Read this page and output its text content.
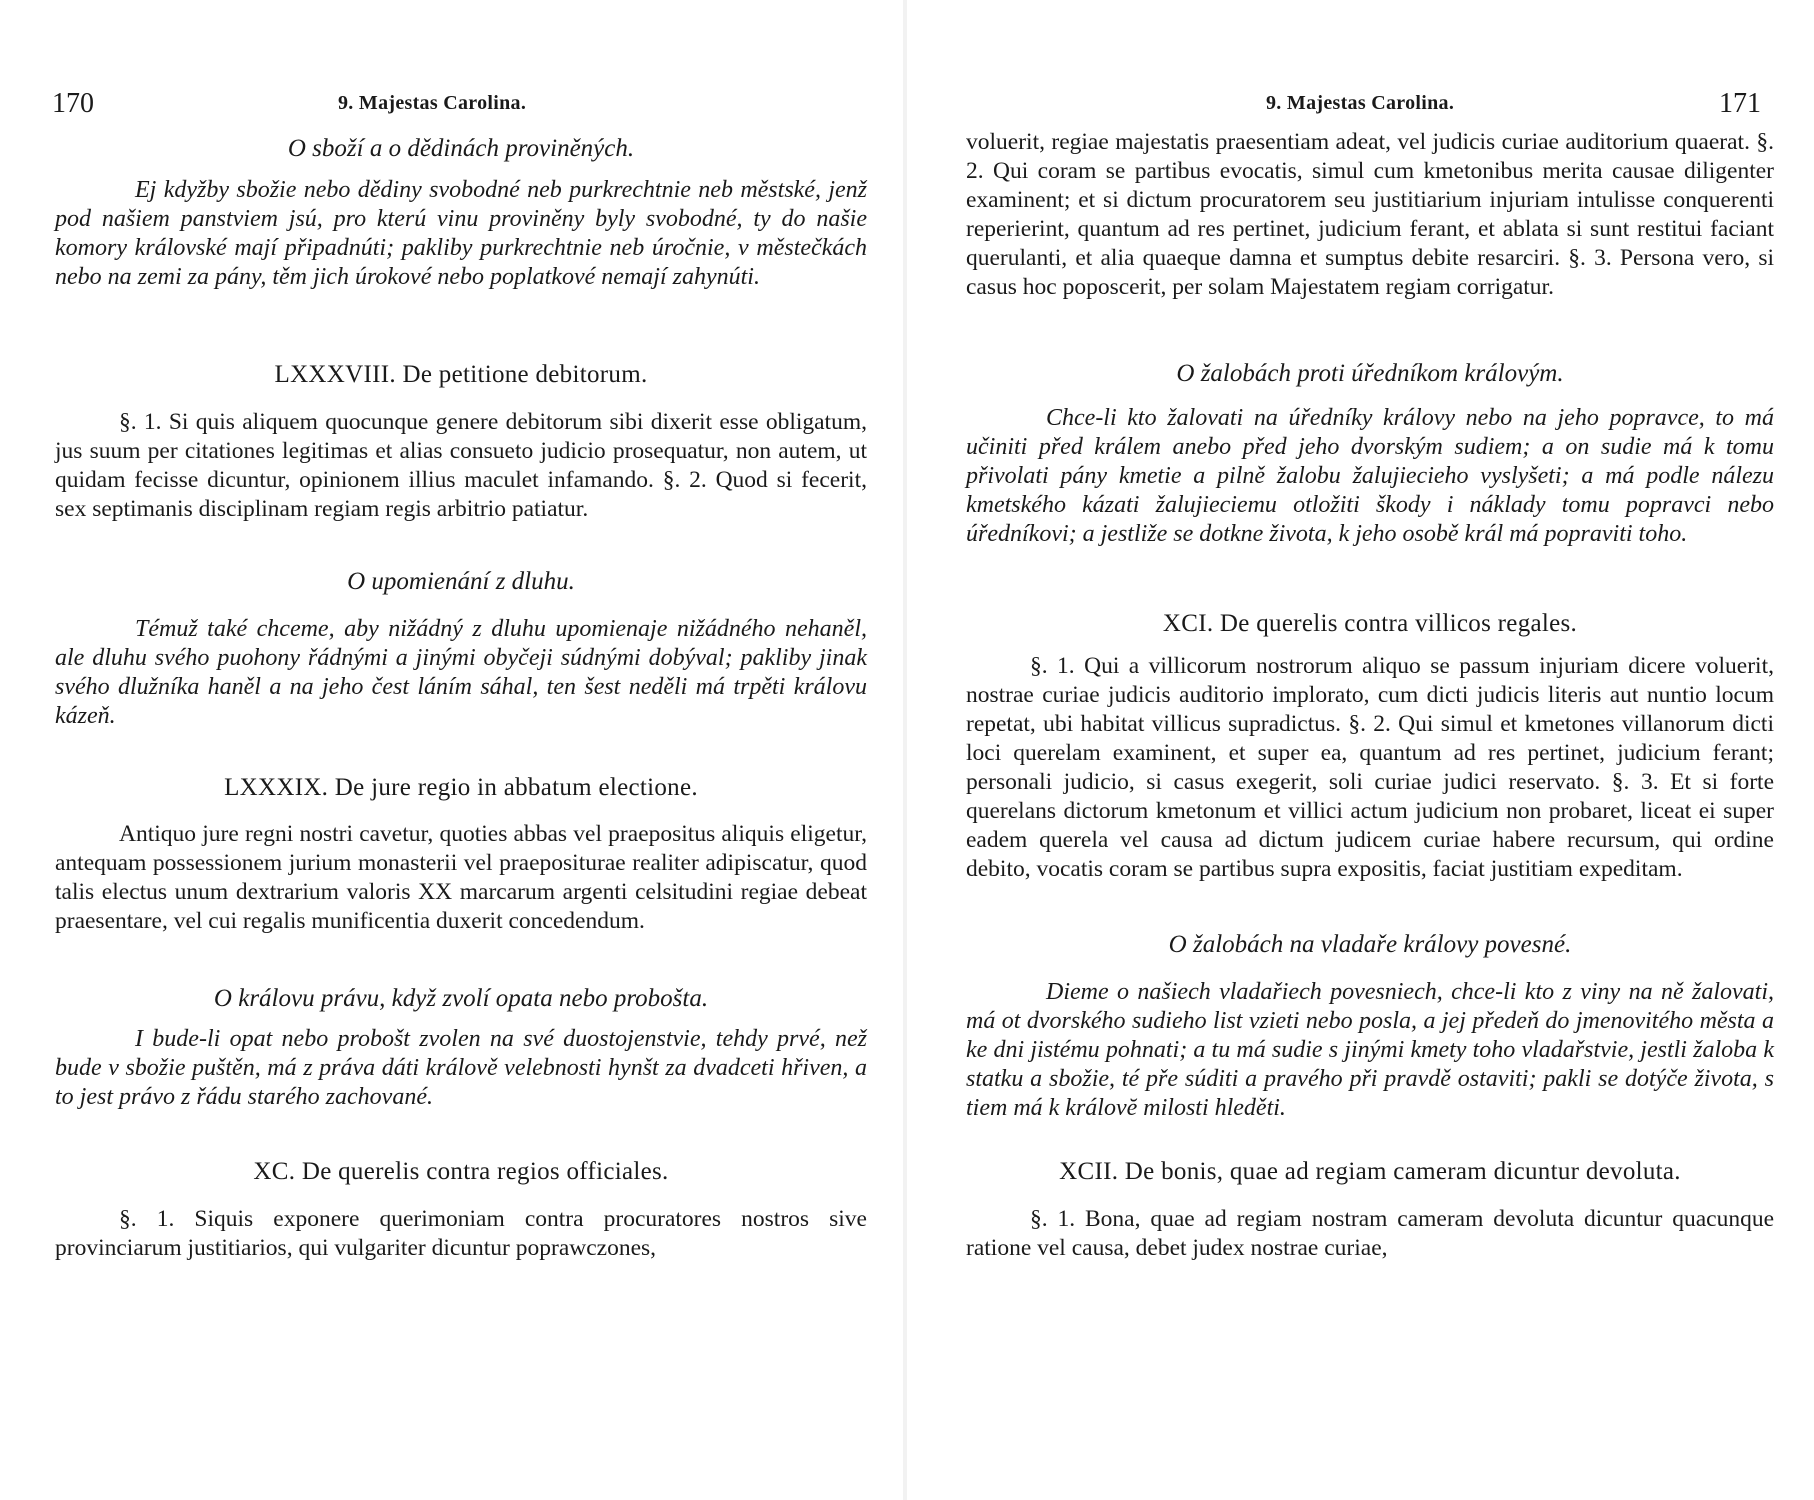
170	9. Majestas Carolina.
O sboží a o dědinách proviněných.

Ej kdyžby sbožie nebo dědiny svobodné neb purkrechtnie neb městské, jenž pod našiem panstviem jsú, pro kterú vinu proviněny byly svobodné, ty do našie komory královské mají připadnúti; pakliby purkrechtnie neb úročnie, v městečkách nebo na zemi za pány, těm jich úrokové nebo poplatkové nemají zahynúti.

LXXXVIII. De petitione debitorum.

§. 1. Si quis aliquem quocunque genere debitorum sibi dixerit esse obligatum, jus suum per citationes legitimas et alias consueto judicio prosequatur, non autem, ut quidam fecisse dicuntur, opinionem illius maculet infamando. §. 2. Quod si fecerit, sex septimanis disciplinam regiam regis arbitrio patiatur.

O upomienání z dluhu.

Témuž také chceme, aby nižádný z dluhu upomienaje nižádného nehaněl, ale dluhu svého puohony řádnými a jinými obyčeji súdnými dobýval; pakliby jinak svého dlužníka haněl a na jeho čest láním sáhal, ten šest neděli má trpěti královu kázeň.

LXXXIX. De jure regio in abbatum electione.

Antiquo jure regni nostri cavetur, quoties abbas vel praepositus aliquis eligetur, antequam possessionem jurium monasterii vel praepositurae realiter adipiscatur, quod talis electus unum dextrarium valoris XX marcarum argenti celsitudini regiae debeat praesentare, vel cui regalis munificentia duxerit concedendum.

O královu právu, když zvolí opata nebo probošta.

I bude-li opat nebo probošt zvolen na své duostojenstvie, tehdy prvé, než bude v sbožie puštěn, má z práva dáti králově velebnosti hynšt za dvadceti hřiven, a to jest právo z řádu starého zachované.

XC. De querelis contra regios officiales.

§. 1. Siquis exponere querimoniam contra procuratores nostros sive provinciarum justitiarios, qui vulgariter dicuntur poprawczones,

171
9. Majestas Carolina.

voluerit, regiae majestatis praesentiam adeat, vel judicis curiae auditorium quaerat. §. 2. Qui coram se partibus evocatis, simul cum kmetonibus merita causae diligenter examinent; et si dictum procuratorem seu justitiarium injuriam intulisse conquerenti reperierint, quantum ad res pertinet, judicium ferant, et ablata si sunt restitui faciant querulanti, et alia quaeque damna et sumptus debite resarciri. §. 3. Persona vero, si casus hoc poposcerit, per solam Majestatem regiam corrigatur.

O žalobách proti úředníkom královým.

Chce-li kto žalovati na úředníky královy nebo na jeho popravce, to má učiniti před králem anebo před jeho dvorským sudiem; a on sudie má k tomu přivolati pány kmetie a pilně žalobu žalujiecieho vyslyšeti; a má podle nálezu kmetského kázati žalujieciemu otložiti škody i náklady tomu popravci nebo úředníkovi; a jestliže se dotkne života, k jeho osobě král má popraviti toho.

XCI. De querelis contra villicos regales.

§. 1. Qui a villicorum nostrorum aliquo se passum injuriam dicere voluerit, nostrae curiae judicis auditorio implorato, cum dicti judicis literis aut nuntio locum repetat, ubi habitat villicus supradictus. §. 2. Qui simul et kmetones villanorum dicti loci querelam examinent, et super ea, quantum ad res pertinet, judicium ferant; personali judicio, si casus exegerit, soli curiae judici reservato. §. 3. Et si forte querelans dictorum kmetonum et villici actum judicium non probaret, liceat ei super eadem querela vel causa ad dictum judicem curiae habere recursum, qui ordine debito, vocatis coram se partibus supra expositis, faciat justitiam expeditam.

O žalobách na vladaře královy povesné.

Dieme o našiech vladařiech povesniech, chce-li kto z viny na ně žalovati, má ot dvorského sudieho list vzieti nebo posla, a jej předeň do jmenovitého města a ke dni jistému pohnati; a tu má sudie s jinými kmety toho vladařstvie, jestli žaloba k statku a sbožie, té pře súditi a pravého při pravdě ostaviti; pakli se dotýče života, s tiem má k královĕ milosti hleděti.

XCII. De bonis, quae ad regiam cameram dicuntur devoluta.

§. 1. Bona, quae ad regiam nostram cameram devoluta dicuntur quacunque ratione vel causa, debet judex nostrae curiae,
